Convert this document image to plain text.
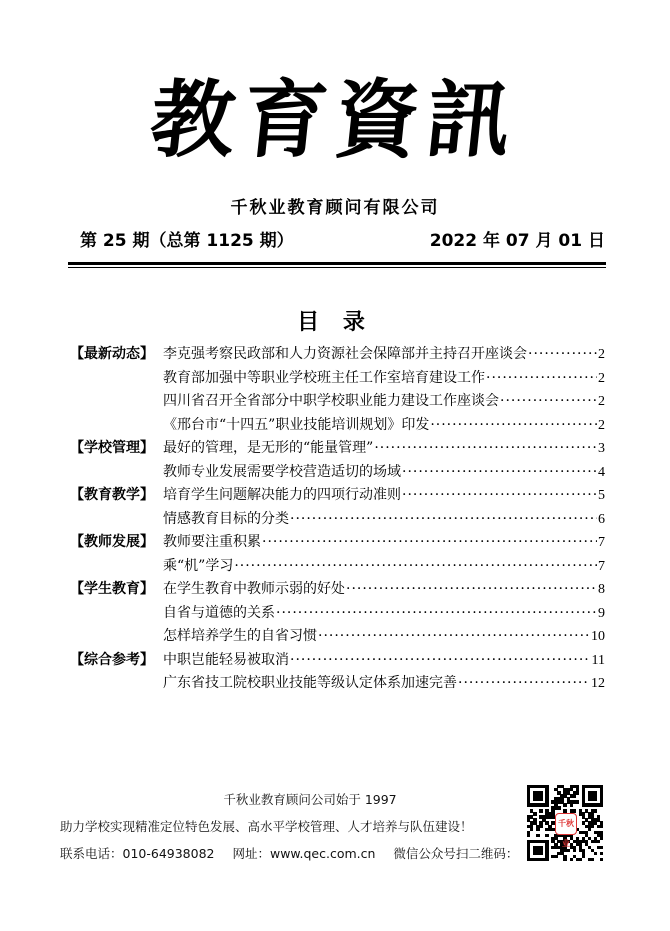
教育資訊
千秋业教育顾问有限公司
第 25 期（总第 1125 期）	2022 年 07 月 01 日
目 录
【最新动态】 李克强考察民政部和人力资源社会保障部并主持召开座谈会 ·····	2
教育部加强中等职业学校班主任工作室培育建设工作 ·····	2
四川省召开全省部分中职学校职业能力建设工作座谈会 ·····	2
《邢台市“十四五”职业技能培训规划》印发 ·····	2
【学校管理】 最好的管理，是无形的“能量管理” ·····	3
教师专业发展需要学校营造适切的场域 ·····	4
【教育教学】 培育学生问题解决能力的四项行动准则 ·····	5
情感教育目标的分类 ·····	6
【教师发展】 教师要注重积累 ·····	7
乘“机”学习 ·····	7
【学生教育】 在学生教育中教师示弱的好处 ·····	8
自省与道德的关系 ·····	9
怎样培养学生的自省习惯 ·····	10
【综合参考】 中职岂能轻易被取消 ·····	11
广东省技工院校职业技能等级认定体系加速完善 ·····	12
千秋业教育顾问公司始于 1997
助力学校实现精准定位特色发展、高水平学校管理、人才培养与队伍建设！
联系电话：010-64938082 网址：www.qec.com.cn 微信公众号扫二维码：
千秋业
